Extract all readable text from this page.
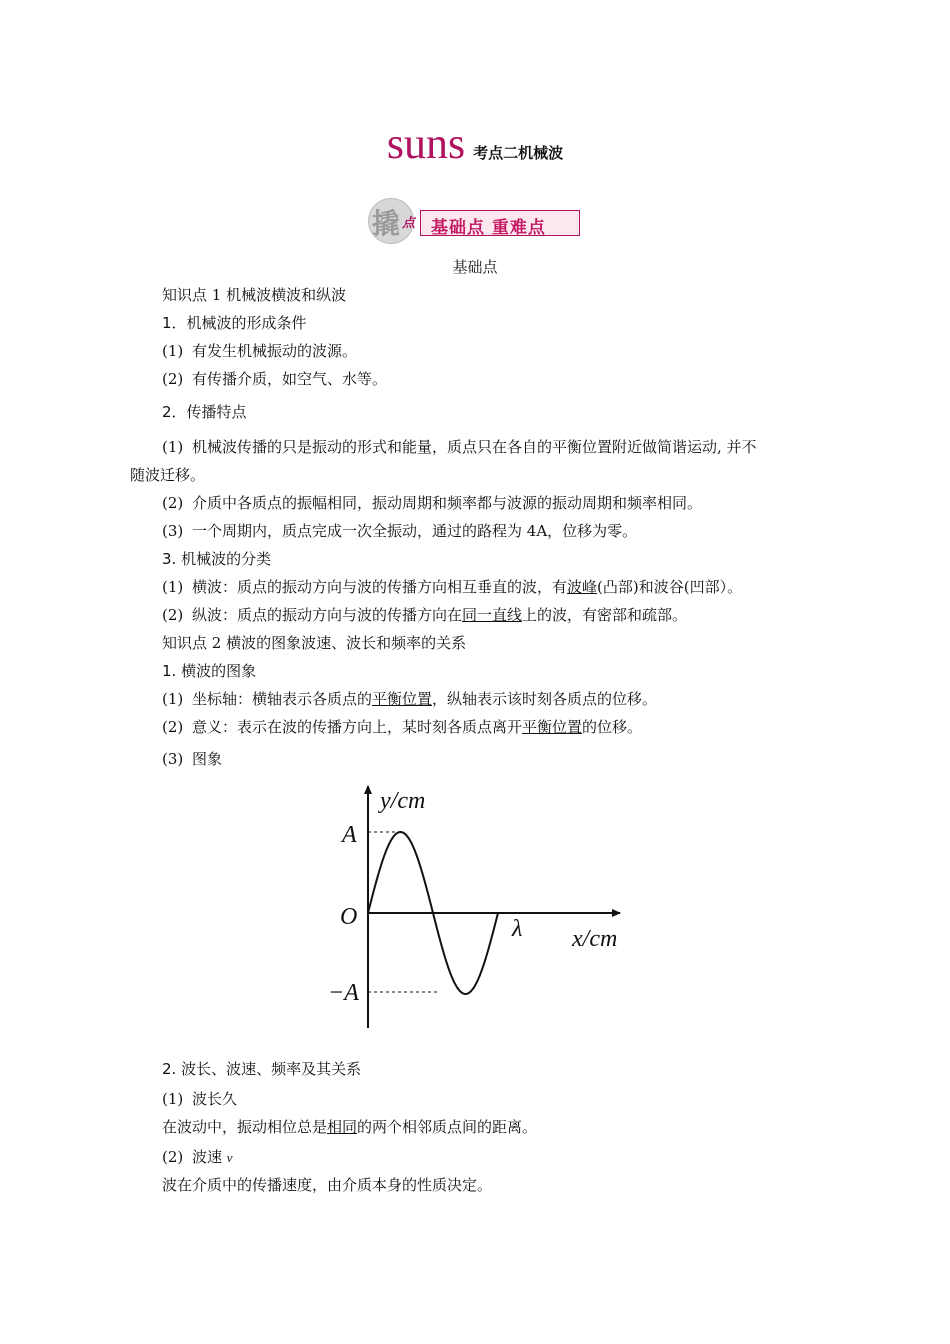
suns 考点二机械波
撬 点 基础点 重难点
基础点
知识点 1 机械波横波和纵波
1．机械波的形成条件
(1) 有发生机械振动的波源。
(2) 有传播介质，如空气、水等。
2．传播特点
(1) 机械波传播的只是振动的形式和能量，质点只在各自的平衡位置附近做简谐运动, 并不
随波迁移。
(2) 介质中各质点的振幅相同，振动周期和频率都与波源的振动周期和频率相同。
(3) 一个周期内，质点完成一次全振动，通过的路程为 4A，位移为零。
3. 机械波的分类
(1) 横波：质点的振动方向与波的传播方向相互垂直的波，有波峰(凸部)和波谷(凹部）。
(2) 纵波：质点的振动方向与波的传播方向在同一直线上的波，有密部和疏部。
知识点 2 横波的图象波速、波长和频率的关系
1. 横波的图象
(1) 坐标轴：横轴表示各质点的平衡位置，纵轴表示该时刻各质点的位移。
(2) 意义：表示在波的传播方向上，某时刻各质点离开平衡位置的位移。
(3) 图象
y/cm
x/cm
O
A
−A
λ
2. 波长、波速、频率及其关系
(1) 波长久
在波动中，振动相位总是相同的两个相邻质点间的距离。
(2) 波速 v
波在介质中的传播速度，由介质本身的性质决定。
